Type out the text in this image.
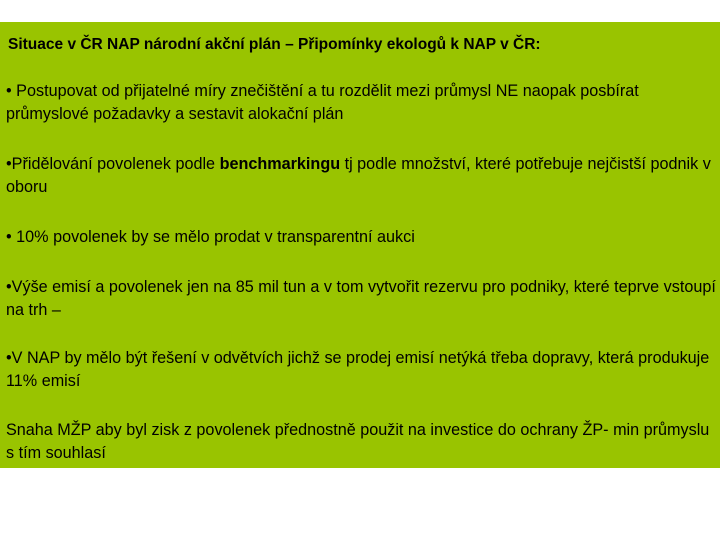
Situace v ČR NAP národní akční plán – Připomínky ekologů k NAP v ČR:
• Postupovat od přijatelné míry znečištění a tu rozdělit mezi průmysl NE naopak posbírat průmyslové požadavky a sestavit alokační plán
•Přidělování povolenek podle benchmarkingu tj podle množství, které potřebuje nejčistší podnik v oboru
• 10% povolenek by se mělo prodat v transparentní aukci
•Výše emisí a povolenek jen na 85 mil tun a v tom vytvořit rezervu pro podniky, které teprve vstoupí na trh –
•V NAP by mělo být řešení v odvětvích jichž se prodej emisí netýká třeba dopravy, která produkuje 11% emisí
Snaha MŽP aby byl zisk z povolenek přednostně použit na investice do ochrany ŽP- min průmyslu s tím souhlasí
